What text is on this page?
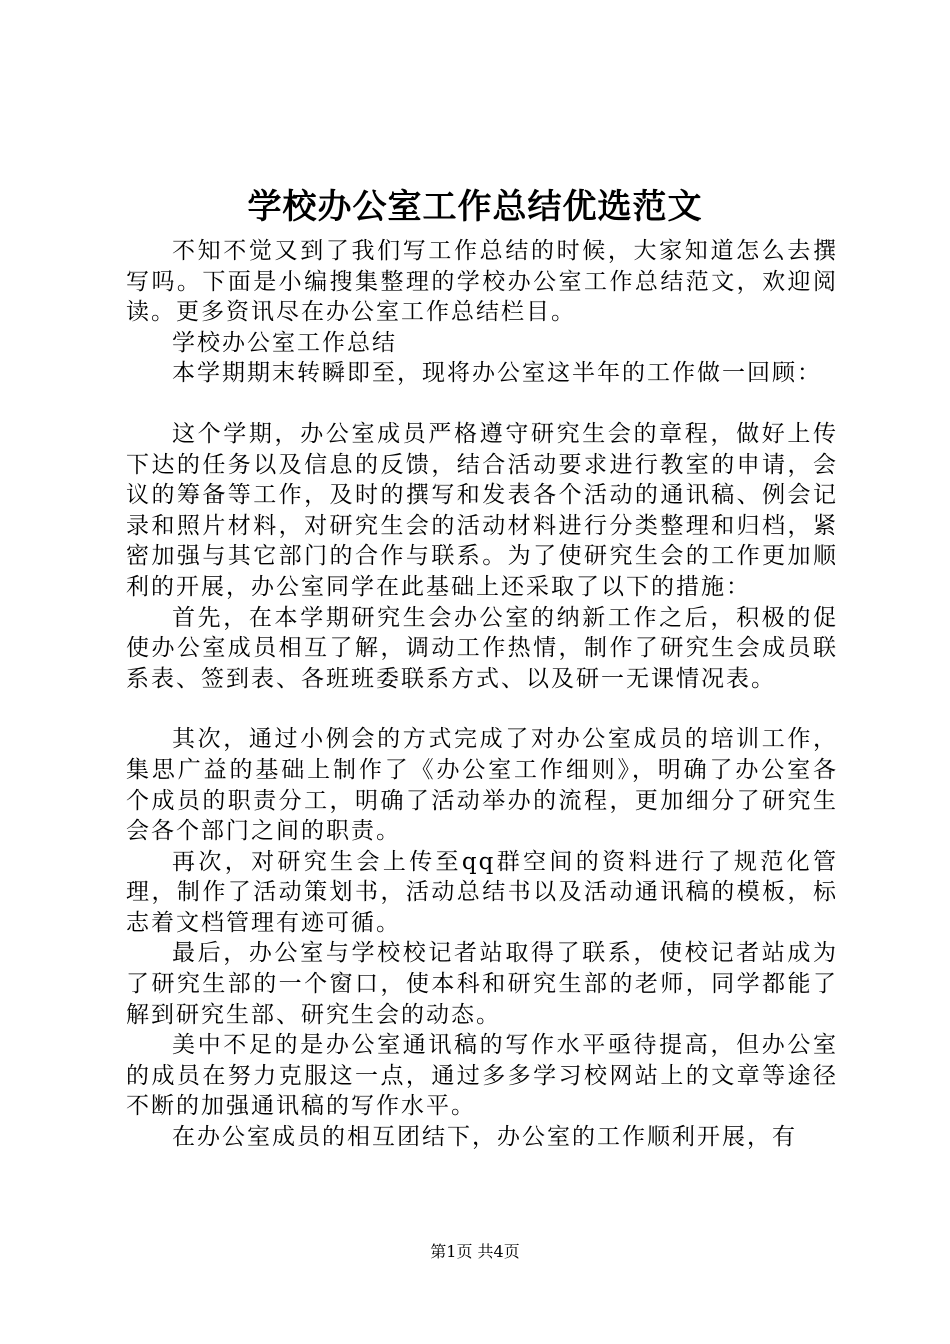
学校办公室工作总结优选范文

不知不觉又到了我们写工作总结的时候，大家知道怎么去撰写吗。下面是小编搜集整理的学校办公室工作总结范文，欢迎阅读。更多资讯尽在办公室工作总结栏目。

学校办公室工作总结

本学期期末转瞬即至，现将办公室这半年的工作做一回顾：

这个学期，办公室成员严格遵守研究生会的章程，做好上传下达的任务以及信息的反馈，结合活动要求进行教室的申请，会议的筹备等工作，及时的撰写和发表各个活动的通讯稿、例会记录和照片材料，对研究生会的活动材料进行分类整理和归档，紧密加强与其它部门的合作与联系。为了使研究生会的工作更加顺利的开展，办公室同学在此基础上还采取了以下的措施：

首先，在本学期研究生会办公室的纳新工作之后，积极的促使办公室成员相互了解，调动工作热情，制作了研究生会成员联系表、签到表、各班班委联系方式、以及研一无课情况表。

其次，通过小例会的方式完成了对办公室成员的培训工作，集思广益的基础上制作了《办公室工作细则》，明确了办公室各个成员的职责分工，明确了活动举办的流程，更加细分了研究生会各个部门之间的职责。

再次，对研究生会上传至qq群空间的资料进行了规范化管理，制作了活动策划书，活动总结书以及活动通讯稿的模板，标志着文档管理有迹可循。

最后，办公室与学校校记者站取得了联系，使校记者站成为了研究生部的一个窗口，使本科和研究生部的老师，同学都能了解到研究生部、研究生会的动态。

美中不足的是办公室通讯稿的写作水平亟待提高，但办公室的成员在努力克服这一点，通过多多学习校网站上的文章等途径不断的加强通讯稿的写作水平。

在办公室成员的相互团结下，办公室的工作顺利开展，有

第1页 共4页
